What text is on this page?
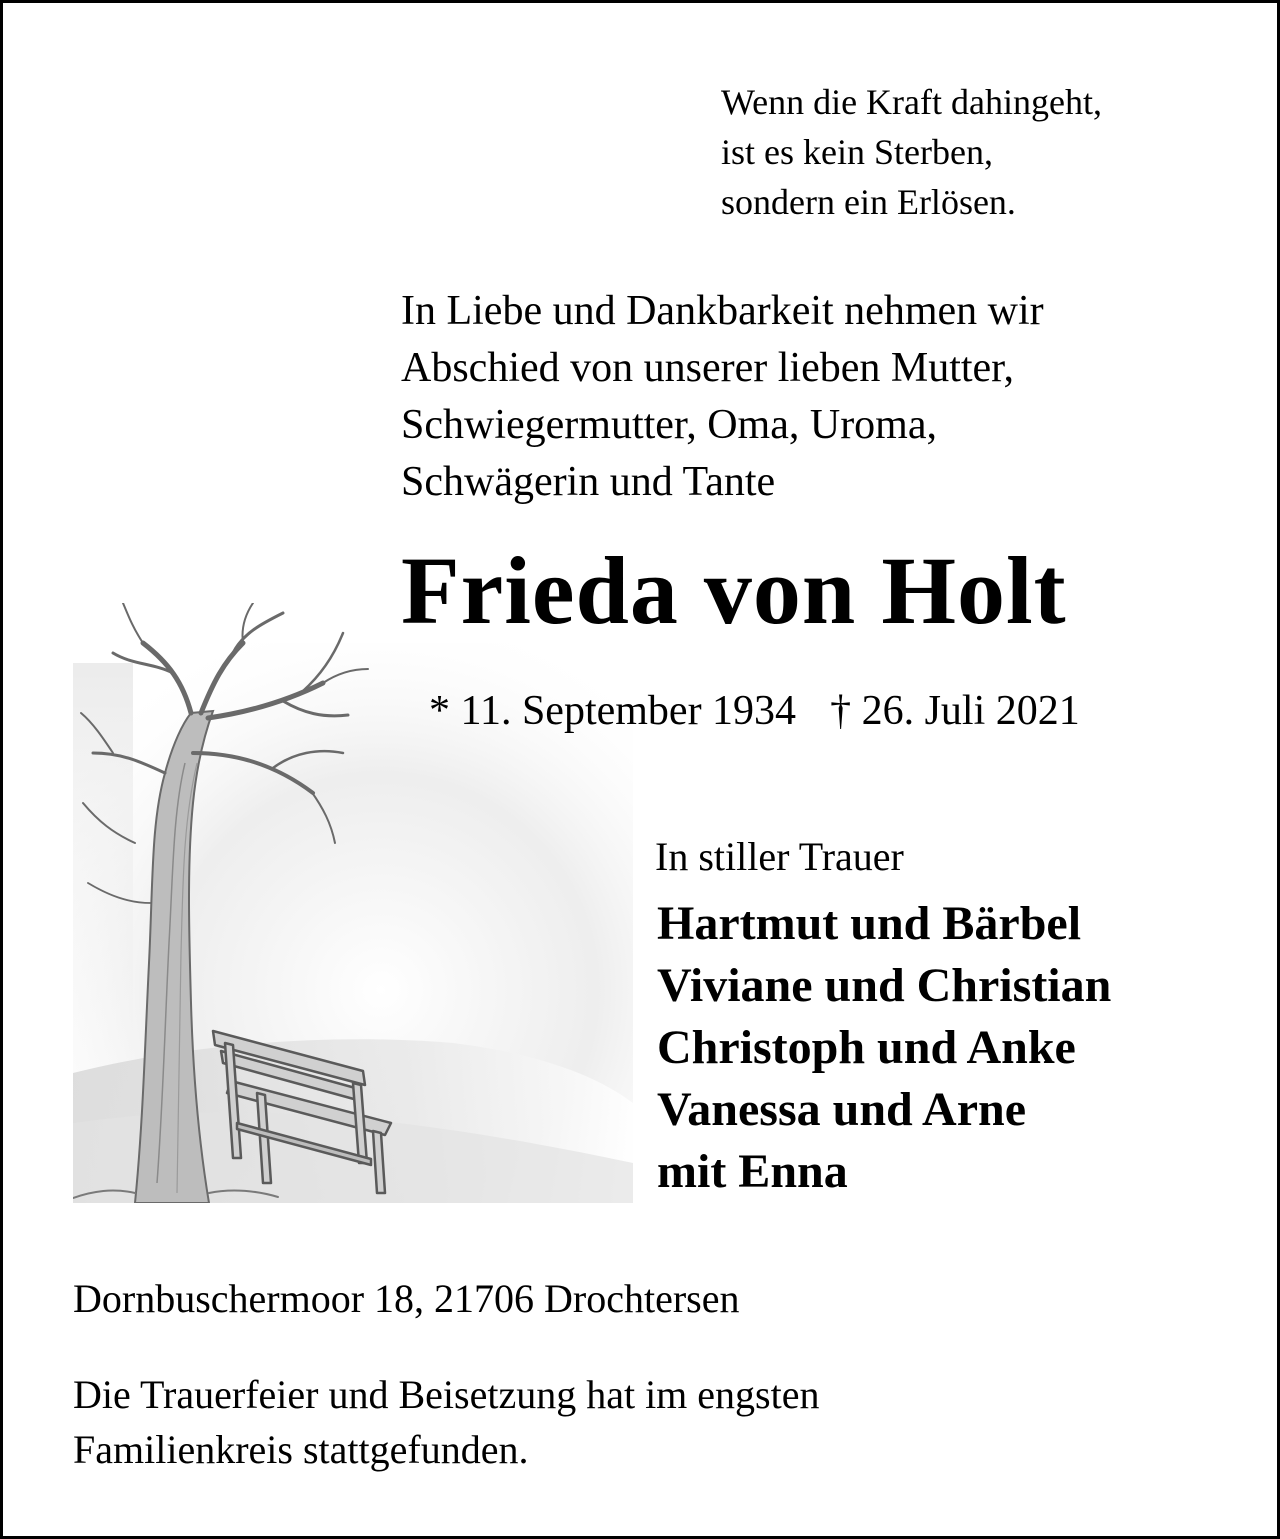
Wenn die Kraft dahingeht,
ist es kein Sterben,
sondern ein Erlösen.
In Liebe und Dankbarkeit nehmen wir
Abschied von unserer lieben Mutter,
Schwiegermutter, Oma, Uroma,
Schwägerin und Tante
Frieda von Holt
* 11. September 1934 † 26. Juli 2021
In stiller Trauer
Hartmut und Bärbel
Viviane und Christian
Christoph und Anke
Vanessa und Arne
mit Enna
Dornbuschermoor 18, 21706 Drochtersen
Die Trauerfeier und Beisetzung hat im engsten
Familienkreis stattgefunden.
